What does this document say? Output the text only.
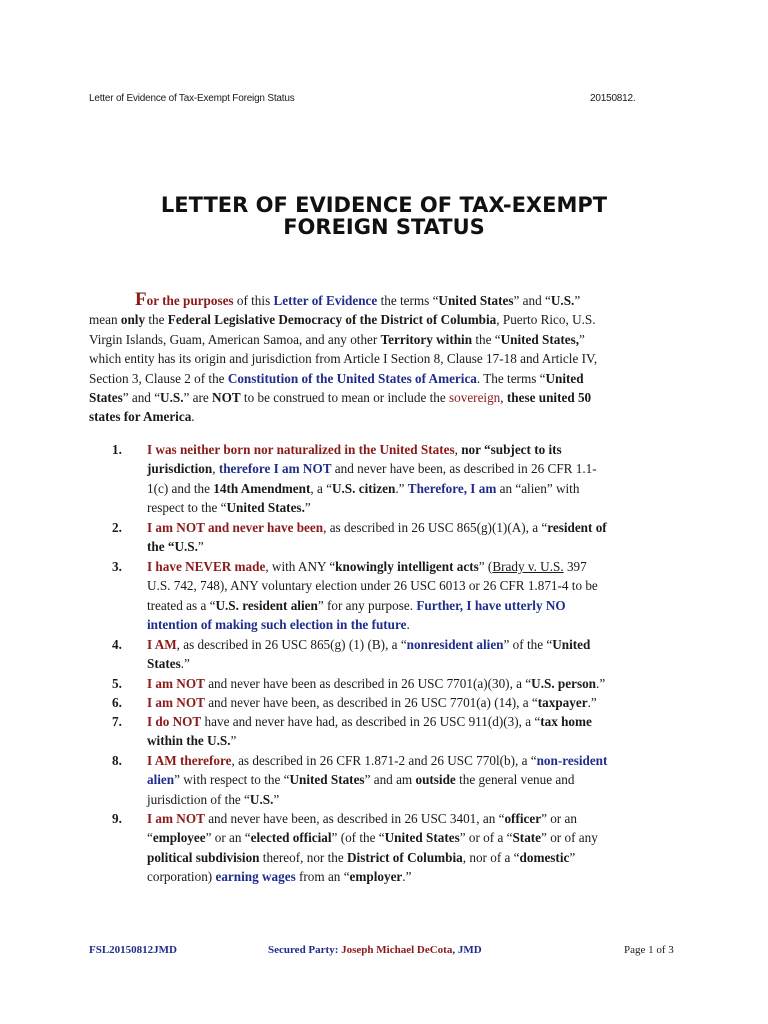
Letter of Evidence of Tax-Exempt Foreign Status	20150812.
LETTER OF EVIDENCE OF TAX-EXEMPT
FOREIGN STATUS
For the purposes of this Letter of Evidence the terms “United States” and “U.S.”
mean only the Federal Legislative Democracy of the District of Columbia, Puerto Rico, U.S.
Virgin Islands, Guam, American Samoa, and any other Territory within the “United States,”
which entity has its origin and jurisdiction from Article I Section 8, Clause 17-18 and Article IV,
Section 3, Clause 2 of the Constitution of the United States of America. The terms “United
States” and “U.S.” are NOT to be construed to mean or include the sovereign, these united 50
states for America.
1. I was neither born nor naturalized in the United States, nor “subject to its
jurisdiction, therefore I am NOT and never have been, as described in 26 CFR 1.1-
1(c) and the 14th Amendment, a “U.S. citizen.” Therefore, I am an “alien” with
respect to the “United States.”
2. I am NOT and never have been, as described in 26 USC 865(g)(1)(A), a “resident of
the “U.S.”
3. I have NEVER made, with ANY “knowingly intelligent acts” (Brady v. U.S. 397
U.S. 742, 748), ANY voluntary election under 26 USC 6013 or 26 CFR 1.871-4 to be
treated as a “U.S. resident alien” for any purpose. Further, I have utterly NO
intention of making such election in the future.
4. I AM, as described in 26 USC 865(g) (1) (B), a “nonresident alien” of the “United
States.”
5. I am NOT and never have been as described in 26 USC 7701(a)(30), a “U.S. person.”
6. I am NOT and never have been, as described in 26 USC 7701(a) (14), a “taxpayer.”
7. I do NOT have and never have had, as described in 26 USC 911(d)(3), a “tax home
within the U.S.”
8. I AM therefore, as described in 26 CFR 1.871-2 and 26 USC 770l(b), a “non-resident
alien” with respect to the “United States” and am outside the general venue and
jurisdiction of the “U.S.”
9. I am NOT and never have been, as described in 26 USC 3401, an “officer” or an
“employee” or an “elected official” (of the “United States” or of a “State” or of any
political subdivision thereof, nor the District of Columbia, nor of a “domestic”
corporation) earning wages from an “employer.”
FSL20150812JMD	Secured Party: Joseph Michael DeCota, JMD	Page 1 of 3
